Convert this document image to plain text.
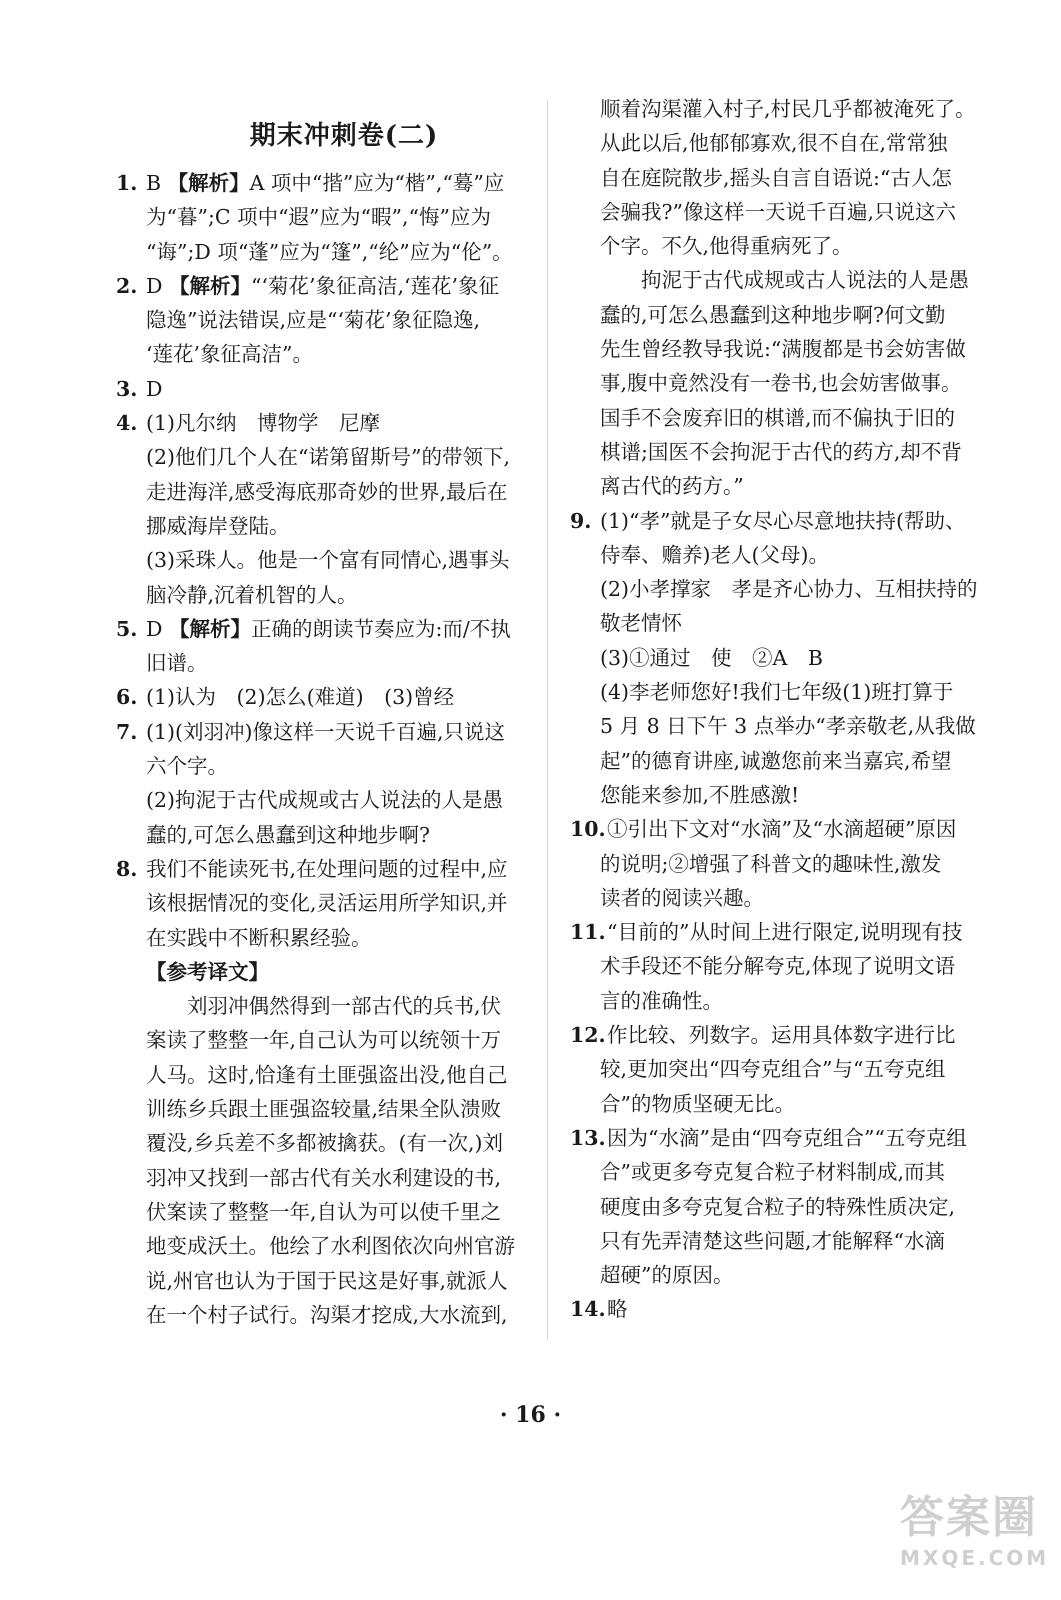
期末冲刺卷(二)
1. B 【解析】A 项中“揩”应为“楷”,“蓦”应
为“暮”;C 项中“遐”应为“暇”,“悔”应为
“诲”;D 项“蓬”应为“篷”,“纶”应为“伦”。
2. D 【解析】“‘菊花’象征高洁,‘莲花’象征
隐逸”说法错误,应是“‘菊花’象征隐逸,
‘莲花’象征高洁”。
3. D
4. (1)凡尔纳　博物学　尼摩
(2)他们几个人在“诺第留斯号”的带领下,
走进海洋,感受海底那奇妙的世界,最后在
挪威海岸登陆。
(3)采珠人。他是一个富有同情心,遇事头
脑冷静,沉着机智的人。
5. D 【解析】正确的朗读节奏应为:而/不执
旧谱。
6. (1)认为　(2)怎么(难道)　(3)曾经
7. (1)(刘羽冲)像这样一天说千百遍,只说这
六个字。
(2)拘泥于古代成规或古人说法的人是愚
蠢的,可怎么愚蠢到这种地步啊?
8. 我们不能读死书,在处理问题的过程中,应
该根据情况的变化,灵活运用所学知识,并
在实践中不断积累经验。
【参考译文】
刘羽冲偶然得到一部古代的兵书,伏
案读了整整一年,自己认为可以统领十万
人马。这时,恰逢有土匪强盗出没,他自己
训练乡兵跟土匪强盗较量,结果全队溃败
覆没,乡兵差不多都被擒获。(有一次,)刘
羽冲又找到一部古代有关水利建设的书,
伏案读了整整一年,自认为可以使千里之
地变成沃土。他绘了水利图依次向州官游
说,州官也认为于国于民这是好事,就派人
在一个村子试行。沟渠才挖成,大水流到,
顺着沟渠灌入村子,村民几乎都被淹死了。
从此以后,他郁郁寡欢,很不自在,常常独
自在庭院散步,摇头自言自语说:“古人怎
会骗我?”像这样一天说千百遍,只说这六
个字。不久,他得重病死了。
拘泥于古代成规或古人说法的人是愚
蠢的,可怎么愚蠢到这种地步啊?何文勤
先生曾经教导我说:“满腹都是书会妨害做
事,腹中竟然没有一卷书,也会妨害做事。
国手不会废弃旧的棋谱,而不偏执于旧的
棋谱;国医不会拘泥于古代的药方,却不背
离古代的药方。”
9. (1)“孝”就是子女尽心尽意地扶持(帮助、
侍奉、赡养)老人(父母)。
(2)小孝撑家　孝是齐心协力、互相扶持的
敬老情怀
(3)①通过　使　②A　B
(4)李老师您好!我们七年级(1)班打算于
5 月 8 日下午 3 点举办“孝亲敬老,从我做
起”的德育讲座,诚邀您前来当嘉宾,希望
您能来参加,不胜感激!
10.①引出下文对“水滴”及“水滴超硬”原因
的说明;②增强了科普文的趣味性,激发
读者的阅读兴趣。
11.“目前的”从时间上进行限定,说明现有技
术手段还不能分解夸克,体现了说明文语
言的准确性。
12.作比较、列数字。运用具体数字进行比
较,更加突出“四夸克组合”与“五夸克组
合”的物质坚硬无比。
13.因为“水滴”是由“四夸克组合”“五夸克组
合”或更多夸克复合粒子材料制成,而其
硬度由多夸克复合粒子的特殊性质决定,
只有先弄清楚这些问题,才能解释“水滴
超硬”的原因。
14.略
· 16 ·
答案圈
MXQE.COM
